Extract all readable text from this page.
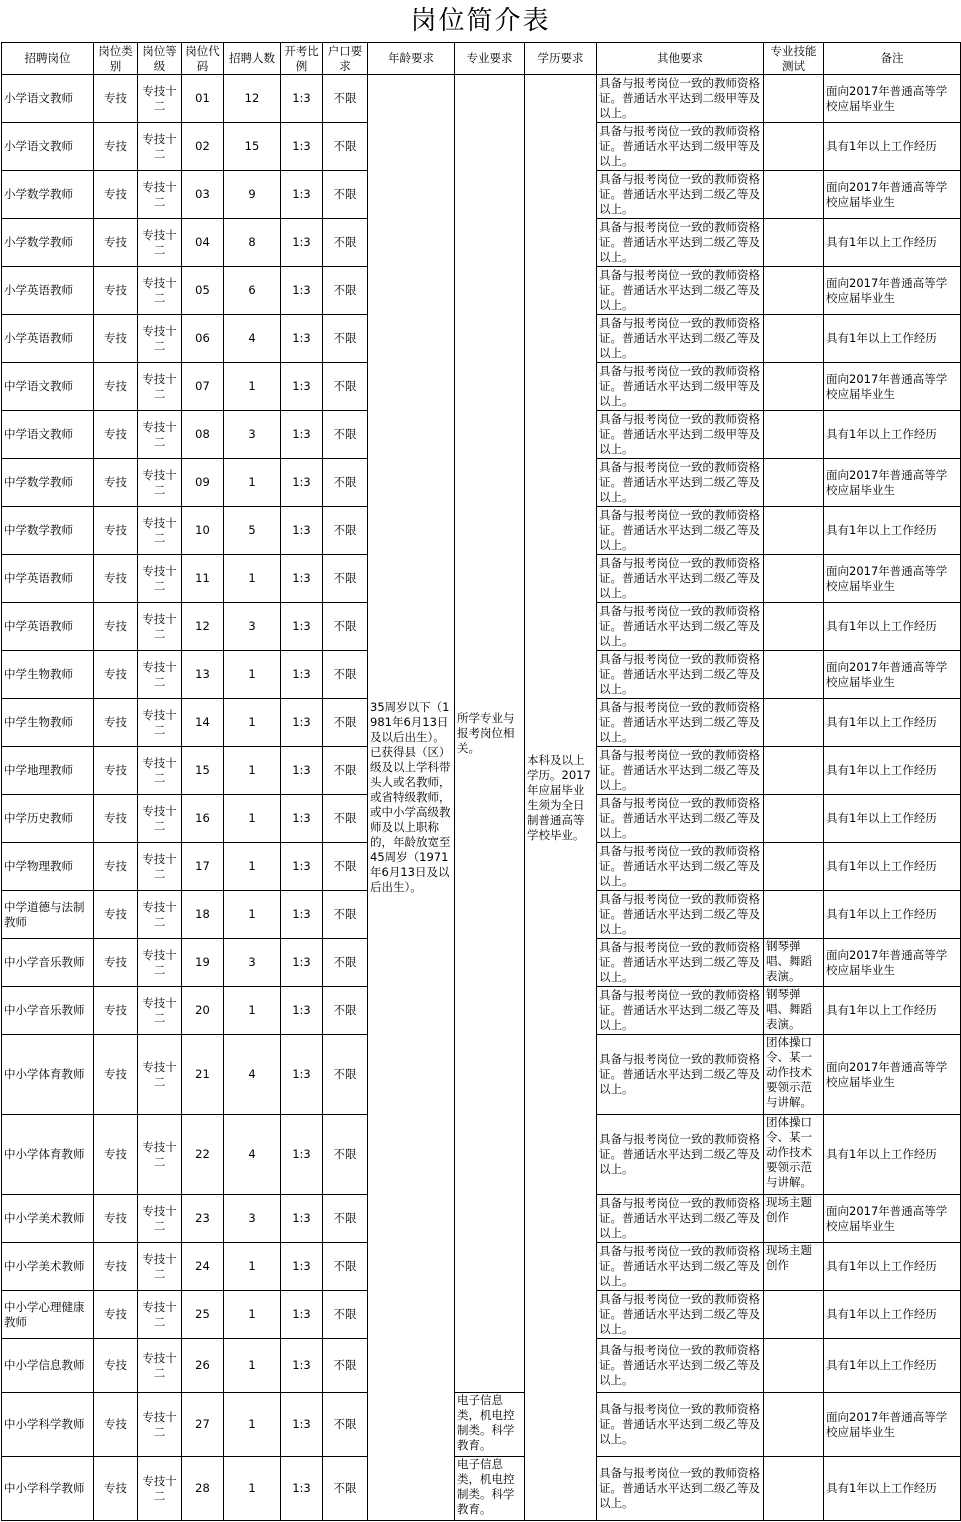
岗位简介表
招聘岗位	岗位类别	岗位等级	岗位代码	招聘人数	开考比例	户口要求	年龄要求	专业要求	学历要求	其他要求	专业技能测试	备注
小学语文教师	专技	专技十二	01	12	1:3	不限	35周岁以下（1981年6月13日及以后出生）。已获得县（区）级及以上学科带头人或名教师，或省特级教师，或中小学高级教师及以上职称的，年龄放宽至45周岁（1971年6月13日及以后出生）。	所学专业与报考岗位相关。	本科及以上学历。2017年应届毕业生须为全日制普通高等学校毕业。	具备与报考岗位一致的教师资格证。普通话水平达到二级甲等及以上。		面向2017年普通高等学校应届毕业生
小学语文教师	专技	专技十二	02	15	1:3	不限				具备与报考岗位一致的教师资格证。普通话水平达到二级甲等及以上。		具有1年以上工作经历
小学数学教师	专技	专技十二	03	9	1:3	不限				具备与报考岗位一致的教师资格证。普通话水平达到二级乙等及以上。		面向2017年普通高等学校应届毕业生
小学数学教师	专技	专技十二	04	8	1:3	不限				具备与报考岗位一致的教师资格证。普通话水平达到二级乙等及以上。		具有1年以上工作经历
小学英语教师	专技	专技十二	05	6	1:3	不限				具备与报考岗位一致的教师资格证。普通话水平达到二级乙等及以上。		面向2017年普通高等学校应届毕业生
小学英语教师	专技	专技十二	06	4	1:3	不限				具备与报考岗位一致的教师资格证。普通话水平达到二级乙等及以上。		具有1年以上工作经历
中学语文教师	专技	专技十二	07	1	1:3	不限				具备与报考岗位一致的教师资格证。普通话水平达到二级甲等及以上。		面向2017年普通高等学校应届毕业生
中学语文教师	专技	专技十二	08	3	1:3	不限				具备与报考岗位一致的教师资格证。普通话水平达到二级甲等及以上。		具有1年以上工作经历
中学数学教师	专技	专技十二	09	1	1:3	不限				具备与报考岗位一致的教师资格证。普通话水平达到二级乙等及以上。		面向2017年普通高等学校应届毕业生
中学数学教师	专技	专技十二	10	5	1:3	不限				具备与报考岗位一致的教师资格证。普通话水平达到二级乙等及以上。		具有1年以上工作经历
中学英语教师	专技	专技十二	11	1	1:3	不限				具备与报考岗位一致的教师资格证。普通话水平达到二级乙等及以上。		面向2017年普通高等学校应届毕业生
中学英语教师	专技	专技十二	12	3	1:3	不限				具备与报考岗位一致的教师资格证。普通话水平达到二级乙等及以上。		具有1年以上工作经历
中学生物教师	专技	专技十二	13	1	1:3	不限				具备与报考岗位一致的教师资格证。普通话水平达到二级乙等及以上。		面向2017年普通高等学校应届毕业生
中学生物教师	专技	专技十二	14	1	1:3	不限				具备与报考岗位一致的教师资格证。普通话水平达到二级乙等及以上。		具有1年以上工作经历
中学地理教师	专技	专技十二	15	1	1:3	不限				具备与报考岗位一致的教师资格证。普通话水平达到二级乙等及以上。		具有1年以上工作经历
中学历史教师	专技	专技十二	16	1	1:3	不限				具备与报考岗位一致的教师资格证。普通话水平达到二级乙等及以上。		具有1年以上工作经历
中学物理教师	专技	专技十二	17	1	1:3	不限				具备与报考岗位一致的教师资格证。普通话水平达到二级乙等及以上。		具有1年以上工作经历
中学道德与法制教师	专技	专技十二	18	1	1:3	不限				具备与报考岗位一致的教师资格证。普通话水平达到二级乙等及以上。		具有1年以上工作经历
中小学音乐教师	专技	专技十二	19	3	1:3	不限				具备与报考岗位一致的教师资格证。普通话水平达到二级乙等及以上。	钢琴弹唱、舞蹈表演。	面向2017年普通高等学校应届毕业生
中小学音乐教师	专技	专技十二	20	1	1:3	不限				具备与报考岗位一致的教师资格证。普通话水平达到二级乙等及以上。	钢琴弹唱、舞蹈表演。	具有1年以上工作经历
中小学体育教师	专技	专技十二	21	4	1:3	不限				具备与报考岗位一致的教师资格证。普通话水平达到二级乙等及以上。	团体操口令、某一动作技术要领示范与讲解。	面向2017年普通高等学校应届毕业生
中小学体育教师	专技	专技十二	22	4	1:3	不限				具备与报考岗位一致的教师资格证。普通话水平达到二级乙等及以上。	团体操口令、某一动作技术要领示范与讲解。	具有1年以上工作经历
中小学美术教师	专技	专技十二	23	3	1:3	不限				具备与报考岗位一致的教师资格证。普通话水平达到二级乙等及以上。	现场主题创作	面向2017年普通高等学校应届毕业生
中小学美术教师	专技	专技十二	24	1	1:3	不限				具备与报考岗位一致的教师资格证。普通话水平达到二级乙等及以上。	现场主题创作	具有1年以上工作经历
中小学心理健康教师	专技	专技十二	25	1	1:3	不限				具备与报考岗位一致的教师资格证。普通话水平达到二级乙等及以上。		具有1年以上工作经历
中小学信息教师	专技	专技十二	26	1	1:3	不限				具备与报考岗位一致的教师资格证。普通话水平达到二级乙等及以上。		具有1年以上工作经历
中小学科学教师	专技	专技十二	27	1	1:3	不限		电子信息类，机电控制类。科学教育。		具备与报考岗位一致的教师资格证。普通话水平达到二级乙等及以上。		面向2017年普通高等学校应届毕业生
中小学科学教师	专技	专技十二	28	1	1:3	不限		电子信息类，机电控制类。科学教育。		具备与报考岗位一致的教师资格证。普通话水平达到二级乙等及以上。		具有1年以上工作经历
